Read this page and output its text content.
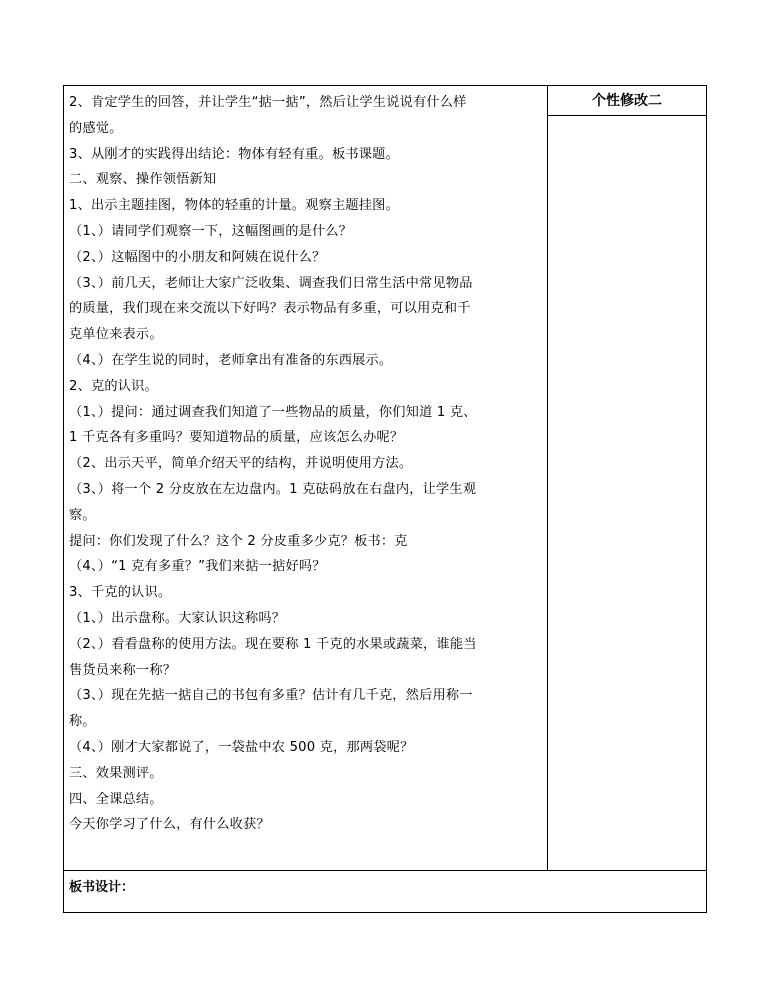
2、肯定学生的回答，并让学生“掂一掂”，然后让学生说说有什么样
的感觉。
3、从刚才的实践得出结论：物体有轻有重。板书课题。
二、观察、操作领悟新知
1、出示主题挂图，物体的轻重的计量。观察主题挂图。
（1、）请同学们观察一下，这幅图画的是什么？
（2、）这幅图中的小朋友和阿姨在说什么？
（3、）前几天，老师让大家广泛收集、调查我们日常生活中常见物品
的质量，我们现在来交流以下好吗？表示物品有多重，可以用克和千
克单位来表示。
（4、）在学生说的同时，老师拿出有准备的东西展示。
2、克的认识。
（1、）提问：通过调查我们知道了一些物品的质量，你们知道 1 克、
1 千克各有多重吗？要知道物品的质量，应该怎么办呢？
（2、出示天平，简单介绍天平的结构，并说明使用方法。
（3、）将一个 2 分皮放在左边盘内。1 克砝码放在右盘内，让学生观
察。
提问：你们发现了什么？这个 2 分皮重多少克？板书：克
（4、）“1 克有多重？”我们来掂一掂好吗？
3、千克的认识。
（1、）出示盘称。大家认识这称吗？
（2、）看看盘称的使用方法。现在要称 1 千克的水果或蔬菜，谁能当
售货员来称一称？
（3、）现在先掂一掂自己的书包有多重？估计有几千克，然后用称一
称。
（4、）刚才大家都说了，一袋盐中农 500 克，那两袋呢？
三、效果测评。
四、全课总结。
今天你学习了什么，有什么收获？
个性修改二
板书设计：
